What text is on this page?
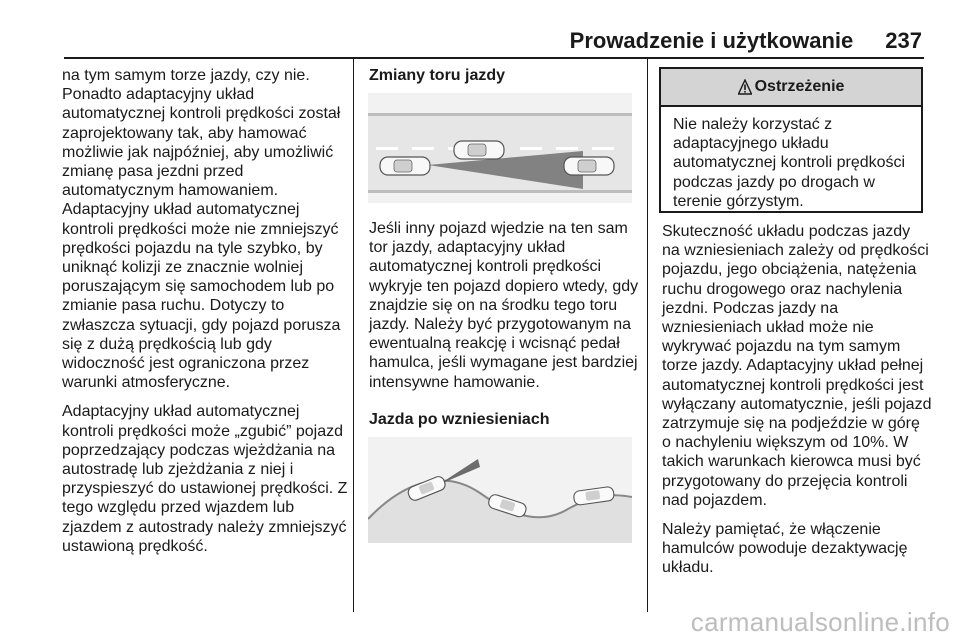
Prowadzenie i użytkowanie 237

na tym samym torze jazdy, czy nie. Ponadto adaptacyjny układ automatycznej kontroli prędkości został zaprojektowany tak, aby hamować możliwie jak najpóźniej, aby umożliwić zmianę pasa jezdni przed automatycznym hamowaniem. Adaptacyjny układ automatycznej kontroli prędkości może nie zmniejszyć prędkości pojazdu na tyle szybko, by uniknąć kolizji ze znacznie wolniej poruszającym się samochodem lub po zmianie pasa ruchu. Dotyczy to zwłaszcza sytuacji, gdy pojazd porusza się z dużą prędkością lub gdy widoczność jest ograniczona przez warunki atmosferyczne.

Adaptacyjny układ automatycznej kontroli prędkości może „zgubić” pojazd poprzedzający podczas wjeżdżania na autostradę lub zjeżdżania z niej i przyspieszyć do ustawionej prędkości. Z tego względu przed wjazdem lub zjazdem z autostrady należy zmniejszyć ustawioną prędkość.

Zmiany toru jazdy

Jeśli inny pojazd wjedzie na ten sam tor jazdy, adaptacyjny układ automatycznej kontroli prędkości wykryje ten pojazd dopiero wtedy, gdy znajdzie się on na środku tego toru jazdy. Należy być przygotowanym na ewentualną reakcję i wcisnąć pedał hamulca, jeśli wymagane jest bardziej intensywne hamowanie.

Jazda po wzniesieniach

Ostrzeżenie
Nie należy korzystać z adaptacyjnego układu automatycznej kontroli prędkości podczas jazdy po drogach w terenie górzystym.

Skuteczność układu podczas jazdy na wzniesieniach zależy od prędkości pojazdu, jego obciążenia, natężenia ruchu drogowego oraz nachylenia jezdni. Podczas jazdy na wzniesieniach układ może nie wykrywać pojazdu na tym samym torze jazdy. Adaptacyjny układ pełnej automatycznej kontroli prędkości jest wyłączany automatycznie, jeśli pojazd zatrzymuje się na podjeździe w górę o nachyleniu większym od 10%. W takich warunkach kierowca musi być przygotowany do przejęcia kontroli nad pojazdem.

Należy pamiętać, że włączenie hamulców powoduje dezaktywację układu.

carmanualsonline.info
